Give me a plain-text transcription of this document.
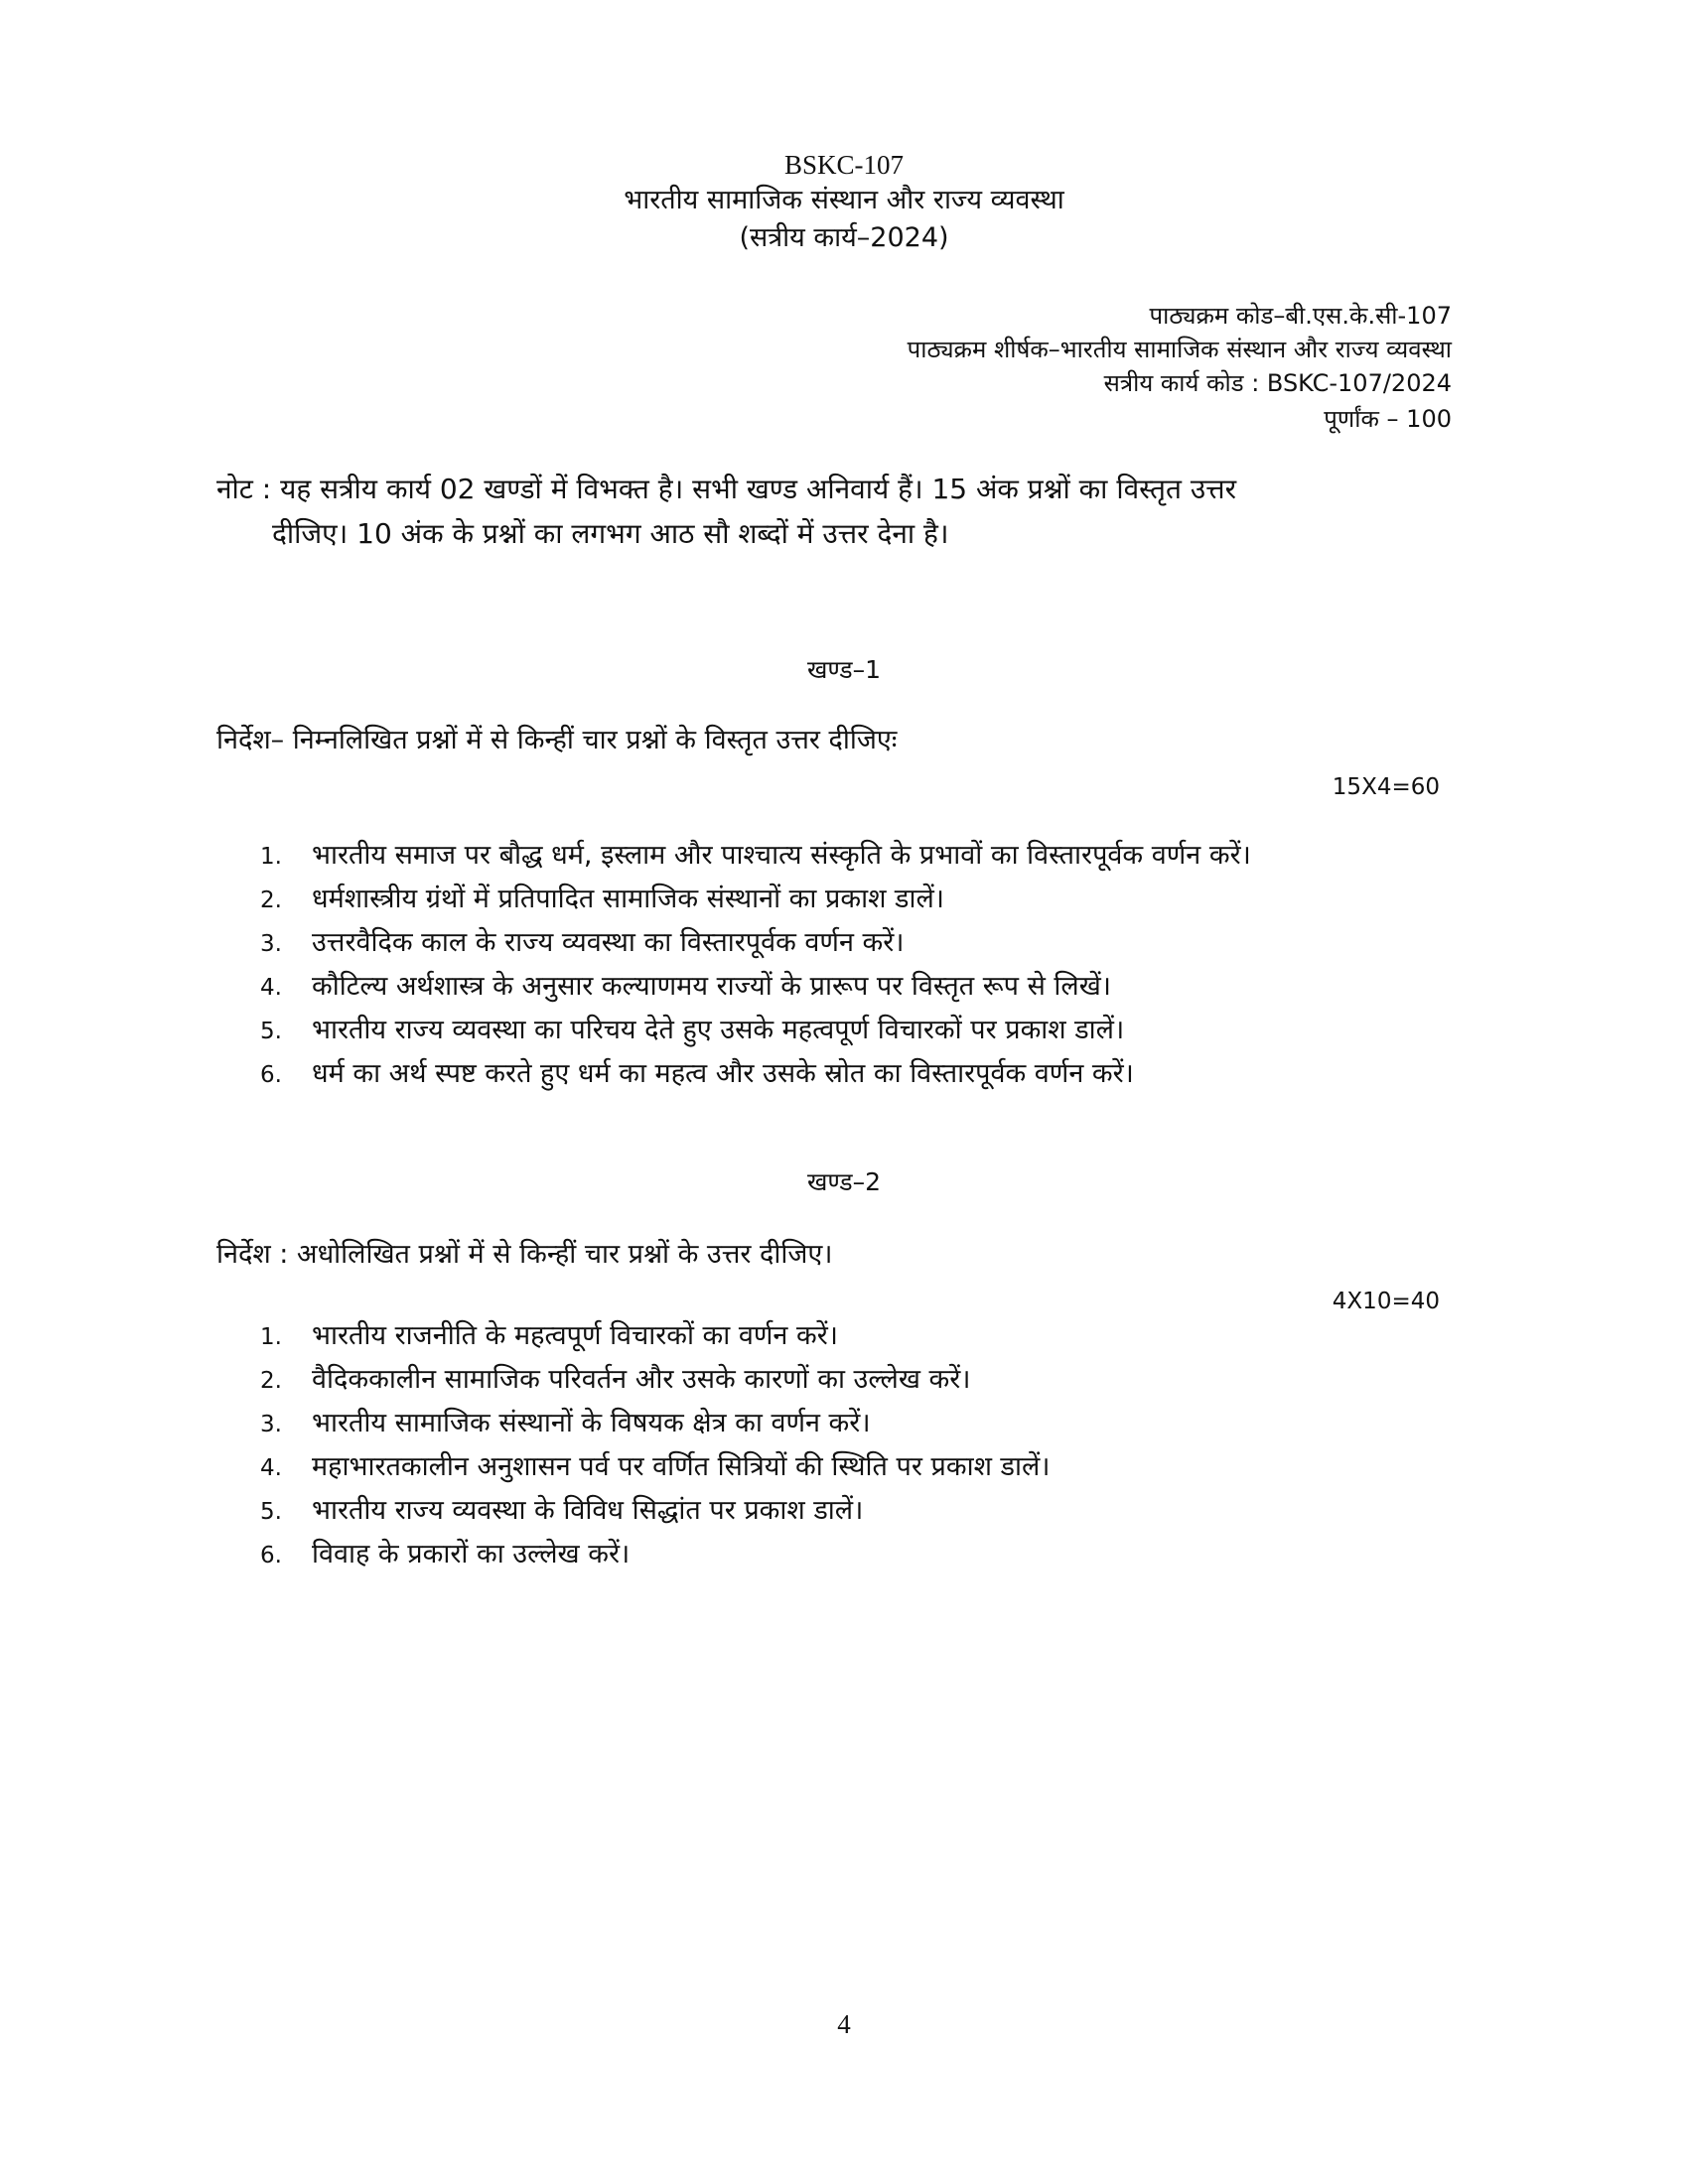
BSKC-107
भारतीय सामाजिक संस्थान और राज्य व्यवस्था
(सत्रीय कार्य–2024)
पाठ्यक्रम कोड–बी.एस.के.सी-107
पाठ्यक्रम शीर्षक–भारतीय सामाजिक संस्थान और राज्य व्यवस्था
सत्रीय कार्य कोड : BSKC-107/2024
पूर्णांक – 100
नोट : यह सत्रीय कार्य 02 खण्डों में विभक्त है। सभी खण्ड अनिवार्य हैं। 15 अंक प्रश्नों का विस्तृत उत्तर
दीजिए। 10 अंक के प्रश्नों का लगभग आठ सौ शब्दों में उत्तर देना है।
खण्ड–1
निर्देश– निम्नलिखित प्रश्नों में से किन्हीं चार प्रश्नों के विस्तृत उत्तर दीजिएः
15X4=60
1.	भारतीय समाज पर बौद्ध धर्म, इस्लाम और पाश्चात्य संस्कृति के प्रभावों का विस्तारपूर्वक वर्णन करें।
2.	धर्मशास्त्रीय ग्रंथों में प्रतिपादित सामाजिक संस्थानों का प्रकाश डालें।
3.	उत्तरवैदिक काल के राज्य व्यवस्था का विस्तारपूर्वक वर्णन करें।
4.	कौटिल्य अर्थशास्त्र के अनुसार कल्याणमय राज्यों के प्रारूप पर विस्तृत रूप से लिखें।
5.	भारतीय राज्य व्यवस्था का परिचय देते हुए उसके महत्वपूर्ण विचारकों पर प्रकाश डालें।
6.	धर्म का अर्थ स्पष्ट करते हुए धर्म का महत्व और उसके स्रोत का विस्तारपूर्वक वर्णन करें।
खण्ड–2
निर्देश : अधोलिखित प्रश्नों में से किन्हीं चार प्रश्नों के उत्तर दीजिए।
4X10=40
1.	भारतीय राजनीति के महत्वपूर्ण विचारकों का वर्णन करें।
2.	वैदिककालीन सामाजिक परिवर्तन और उसके कारणों का उल्लेख करें।
3.	भारतीय सामाजिक संस्थानों के विषयक क्षेत्र का वर्णन करें।
4.	महाभारतकालीन अनुशासन पर्व पर वर्णित सित्रियों की स्थिति पर प्रकाश डालें।
5.	भारतीय राज्य व्यवस्था के विविध सिद्धांत पर प्रकाश डालें।
6.	विवाह के प्रकारों का उल्लेख करें।
4
